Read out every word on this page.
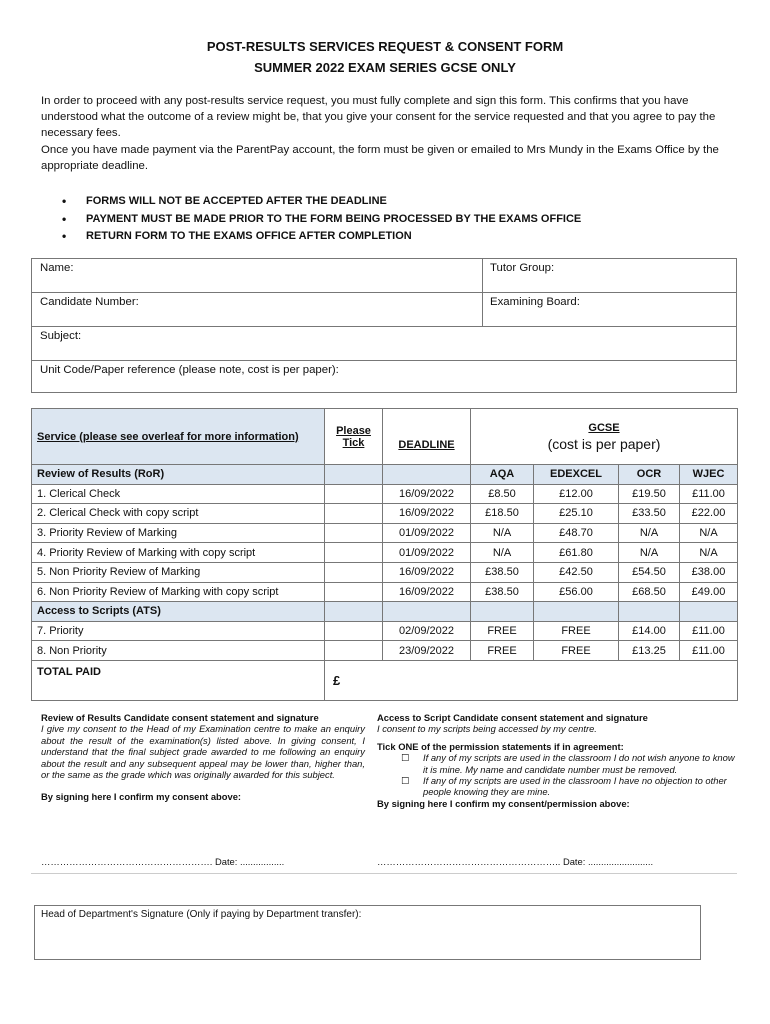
POST-RESULTS SERVICES REQUEST & CONSENT FORM
SUMMER 2022 EXAM SERIES GCSE ONLY

In order to proceed with any post-results service request, you must fully complete and sign this form. This confirms that you have understood what the outcome of a review might be, that you give your consent for the service requested and that you agree to pay the necessary fees.

Once you have made payment via the ParentPay account, the form must be given or emailed to Mrs Mundy in the Exams Office by the appropriate deadline.

• FORMS WILL NOT BE ACCEPTED AFTER THE DEADLINE
• PAYMENT MUST BE MADE PRIOR TO THE FORM BEING PROCESSED BY THE EXAMS OFFICE
• RETURN FORM TO THE EXAMS OFFICE AFTER COMPLETION
Name:	Tutor Group:
Candidate Number:	Examining Board:
Subject:
Unit Code/Paper reference (please note, cost is per paper):
Service (please see overleaf for more information)	Please Tick	DEADLINE	GCSE
(cost is per paper)			

Review of Results (RoR)			AQA	EDEXCEL	OCR	WJEC
1. Clerical Check		16/09/2022	£8.50	£12.00	£19.50	£11.00
2. Clerical Check with copy script		16/09/2022	£18.50	£25.10	£33.50	£22.00
3. Priority Review of Marking		01/09/2022	N/A	£48.70	N/A	N/A
4. Priority Review of Marking with copy script		01/09/2022	N/A	£61.80	N/A	N/A
5. Non Priority Review of Marking		16/09/2022	£38.50	£42.50	£54.50	£38.00
6. Non Priority Review of Marking with copy script		16/09/2022	£38.50	£56.00	£68.50	£49.00
Access to Scripts (ATS)						
7. Priority		02/09/2022	FREE	FREE	£14.00	£11.00
8. Non Priority		23/09/2022	FREE	FREE	£13.25	£11.00
TOTAL PAID	£					
Review of Results Candidate consent statement and signature
I give my consent to the Head of my Examination centre to make an enquiry about the result of the examination(s) listed above. In giving consent, I understand that the final subject grade awarded to me following an enquiry about the result and any subsequent appeal may be lower than, higher than, or the same as the grade which was originally awarded for this subject.
By signing here I confirm my consent above:
………………………………………………. Date: .................
Access to Script Candidate consent statement and signature
I consent to my scripts being accessed by my centre.
Tick ONE of the permission statements if in agreement:
☐ If any of my scripts are used in the classroom I do not wish anyone to know it is mine. My name and candidate number must be removed.
☐ If any of my scripts are used in the classroom I have no objection to other people knowing they are mine.
By signing here I confirm my consent/permission above:
………………………………………………….. Date: .........................
Head of Department's Signature (Only if paying by Department transfer):
